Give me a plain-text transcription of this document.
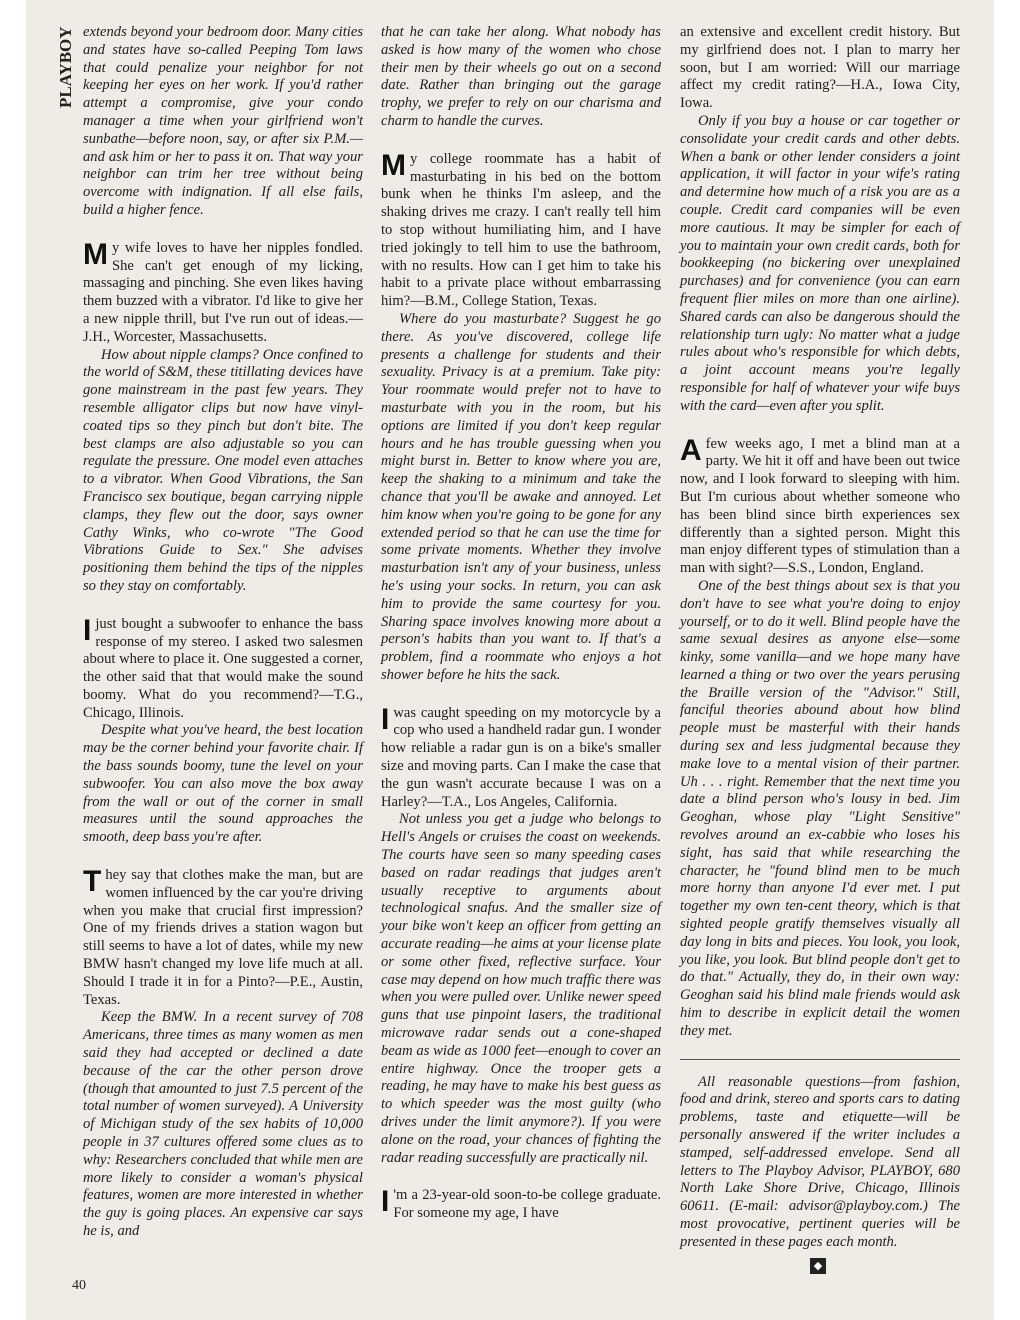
PLAYBOY
40

extends beyond your bedroom door. Many cities and states have so-called Peeping Tom laws that could penalize your neighbor for not keeping her eyes on her work. If you'd rather attempt a compromise, give your condo manager a time when your girlfriend won't sunbathe—before noon, say, or after six P.M.—and ask him or her to pass it on. That way your neighbor can trim her tree without being overcome with indignation. If all else fails, build a higher fence.

My wife loves to have her nipples fondled. She can't get enough of my licking, massaging and pinching. She even likes having them buzzed with a vibrator. I'd like to give her a new nipple thrill, but I've run out of ideas.—J.H., Worcester, Massachusetts.

How about nipple clamps? Once confined to the world of S&M, these titillating devices have gone mainstream in the past few years. They resemble alligator clips but now have vinyl-coated tips so they pinch but don't bite. The best clamps are also adjustable so you can regulate the pressure. One model even attaches to a vibrator. When Good Vibrations, the San Francisco sex boutique, began carrying nipple clamps, they flew out the door, says owner Cathy Winks, who co-wrote "The Good Vibrations Guide to Sex." She advises positioning them behind the tips of the nipples so they stay on comfortably.

I just bought a subwoofer to enhance the bass response of my stereo. I asked two salesmen about where to place it. One suggested a corner, the other said that that would make the sound boomy. What do you recommend?—T.G., Chicago, Illinois.

Despite what you've heard, the best location may be the corner behind your favorite chair. If the bass sounds boomy, tune the level on your subwoofer. You can also move the box away from the wall or out of the corner in small measures until the sound approaches the smooth, deep bass you're after.

They say that clothes make the man, but are women influenced by the car you're driving when you make that crucial first impression? One of my friends drives a station wagon but still seems to have a lot of dates, while my new BMW hasn't changed my love life much at all. Should I trade it in for a Pinto?—P.E., Austin, Texas.

Keep the BMW. In a recent survey of 708 Americans, three times as many women as men said they had accepted or declined a date because of the car the other person drove (though that amounted to just 7.5 percent of the total number of women surveyed). A University of Michigan study of the sex habits of 10,000 people in 37 cultures offered some clues as to why: Researchers concluded that while men are more likely to consider a woman's physical features, women are more interested in whether the guy is going places. An expensive car says he is, and

that he can take her along. What nobody has asked is how many of the women who chose their men by their wheels go out on a second date. Rather than bringing out the garage trophy, we prefer to rely on our charisma and charm to handle the curves.

My college roommate has a habit of masturbating in his bed on the bottom bunk when he thinks I'm asleep, and the shaking drives me crazy. I can't really tell him to stop without humiliating him, and I have tried jokingly to tell him to use the bathroom, with no results. How can I get him to take his habit to a private place without embarrassing him?—B.M., College Station, Texas.

Where do you masturbate? Suggest he go there. As you've discovered, college life presents a challenge for students and their sexuality. Privacy is at a premium. Take pity: Your roommate would prefer not to have to masturbate with you in the room, but his options are limited if you don't keep regular hours and he has trouble guessing when you might burst in. Better to know where you are, keep the shaking to a minimum and take the chance that you'll be awake and annoyed. Let him know when you're going to be gone for any extended period so that he can use the time for some private moments. Whether they involve masturbation isn't any of your business, unless he's using your socks. In return, you can ask him to provide the same courtesy for you. Sharing space involves knowing more about a person's habits than you want to. If that's a problem, find a roommate who enjoys a hot shower before he hits the sack.

I was caught speeding on my motorcycle by a cop who used a handheld radar gun. I wonder how reliable a radar gun is on a bike's smaller size and moving parts. Can I make the case that the gun wasn't accurate because I was on a Harley?—T.A., Los Angeles, California.

Not unless you get a judge who belongs to Hell's Angels or cruises the coast on weekends. The courts have seen so many speeding cases based on radar readings that judges aren't usually receptive to arguments about technological snafus. And the smaller size of your bike won't keep an officer from getting an accurate reading—he aims at your license plate or some other fixed, reflective surface. Your case may depend on how much traffic there was when you were pulled over. Unlike newer speed guns that use pinpoint lasers, the traditional microwave radar sends out a cone-shaped beam as wide as 1000 feet—enough to cover an entire highway. Once the trooper gets a reading, he may have to make his best guess as to which speeder was the most guilty (who drives under the limit anymore?). If you were alone on the road, your chances of fighting the radar reading successfully are practically nil.

I 'm a 23-year-old soon-to-be college graduate. For someone my age, I have

an extensive and excellent credit history. But my girlfriend does not. I plan to marry her soon, but I am worried: Will our marriage affect my credit rating?—H.A., Iowa City, Iowa.

Only if you buy a house or car together or consolidate your credit cards and other debts. When a bank or other lender considers a joint application, it will factor in your wife's rating and determine how much of a risk you are as a couple. Credit card companies will be even more cautious. It may be simpler for each of you to maintain your own credit cards, both for bookkeeping (no bickering over unexplained purchases) and for convenience (you can earn frequent flier miles on more than one airline). Shared cards can also be dangerous should the relationship turn ugly: No matter what a judge rules about who's responsible for which debts, a joint account means you're legally responsible for half of whatever your wife buys with the card—even after you split.

A few weeks ago, I met a blind man at a party. We hit it off and have been out twice now, and I look forward to sleeping with him. But I'm curious about whether someone who has been blind since birth experiences sex differently than a sighted person. Might this man enjoy different types of stimulation than a man with sight?—S.S., London, England.

One of the best things about sex is that you don't have to see what you're doing to enjoy yourself, or to do it well. Blind people have the same sexual desires as anyone else—some kinky, some vanilla—and we hope many have learned a thing or two over the years perusing the Braille version of the "Advisor." Still, fanciful theories abound about how blind people must be masterful with their hands during sex and less judgmental because they make love to a mental vision of their partner. Uh . . . right. Remember that the next time you date a blind person who's lousy in bed. Jim Geoghan, whose play "Light Sensitive" revolves around an ex-cabbie who loses his sight, has said that while researching the character, he "found blind men to be much more horny than anyone I'd ever met. I put together my own ten-cent theory, which is that sighted people gratify themselves visually all day long in bits and pieces. You look, you look, you like, you look. But blind people don't get to do that." Actually, they do, in their own way: Geoghan said his blind male friends would ask him to describe in explicit detail the women they met.

All reasonable questions—from fashion, food and drink, stereo and sports cars to dating problems, taste and etiquette—will be personally answered if the writer includes a stamped, self-addressed envelope. Send all letters to The Playboy Advisor, PLAYBOY, 680 North Lake Shore Drive, Chicago, Illinois 60611. (E-mail: advisor@playboy.com.) The most provocative, pertinent queries will be presented in these pages each month.

◆
